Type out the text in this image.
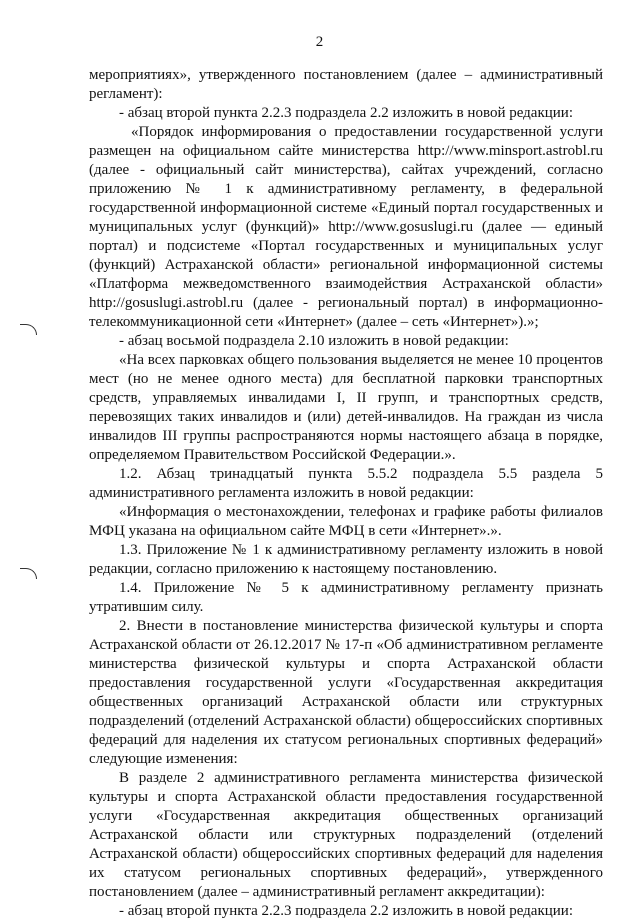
2

мероприятиях», утвержденного постановлением (далее – административный регламент):

- абзац второй пункта 2.2.3 подраздела 2.2 изложить в новой редакции:

«Порядок информирования о предоставлении государственной услуги размещен на официальном сайте министерства http://www.minsport.astrobl.ru (далее - официальный сайт министерства), сайтах учреждений, согласно приложению № 1 к административному регламенту, в федеральной государственной информационной системе «Единый портал государственных и муниципальных услуг (функций)» http://www.gosuslugi.ru (далее — единый портал) и подсистеме «Портал государственных и муниципальных услуг (функций) Астраханской области» региональной информационной системы «Платформа межведомственного взаимодействия Астраханской области» http://gosuslugi.astrobl.ru (далее - региональный портал) в информационно-телекоммуникационной сети «Интернет» (далее – сеть «Интернет»).»;

- абзац восьмой подраздела 2.10 изложить в новой редакции:

«На всех парковках общего пользования выделяется не менее 10 процентов мест (но не менее одного места) для бесплатной парковки транспортных средств, управляемых инвалидами I, II групп, и транспортных средств, перевозящих таких инвалидов и (или) детей-инвалидов. На граждан из числа инвалидов III группы распространяются нормы настоящего абзаца в порядке, определяемом Правительством Российской Федерации.».

1.2. Абзац тринадцатый пункта 5.5.2 подраздела 5.5 раздела 5 административного регламента изложить в новой редакции:

«Информация о местонахождении, телефонах и графике работы филиалов МФЦ указана на официальном сайте МФЦ в сети «Интернет».».

1.3. Приложение № 1 к административному регламенту изложить в новой редакции, согласно приложению к настоящему постановлению.

1.4. Приложение № 5 к административному регламенту признать утратившим силу.

2. Внести в постановление министерства физической культуры и спорта Астраханской области от 26.12.2017 № 17-п «Об административном регламенте министерства физической культуры и спорта Астраханской области предоставления государственной услуги «Государственная аккредитация общественных организаций Астраханской области или структурных подразделений (отделений Астраханской области) общероссийских спортивных федераций для наделения их статусом региональных спортивных федераций» следующие изменения:

В разделе 2 административного регламента министерства физической культуры и спорта Астраханской области предоставления государственной услуги «Государственная аккредитация общественных организаций Астраханской области или структурных подразделений (отделений Астраханской области) общероссийских спортивных федераций для наделения их статусом региональных спортивных федераций», утвержденного постановлением (далее – административный регламент аккредитации):

- абзац второй пункта 2.2.3 подраздела 2.2 изложить в новой редакции:
